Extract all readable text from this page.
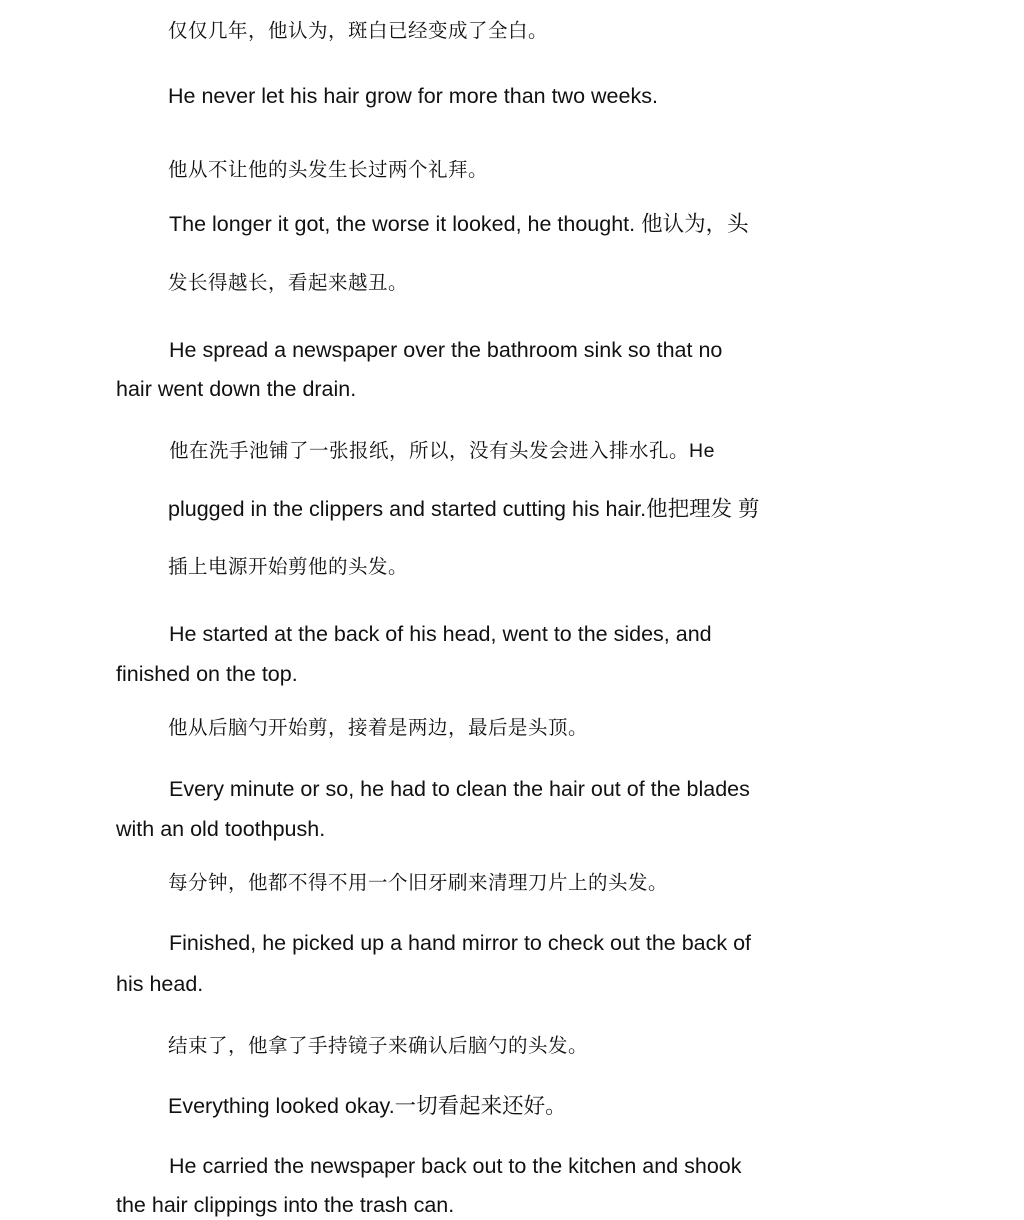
仅仅几年，他认为，斑白已经变成了全白。
He never let his hair grow for more than two weeks.
他从不让他的头发生长过两个礼拜。
The longer it got, the worse it looked, he thought. 他认为，头
发长得越长，看起来越丑。
He spread a newspaper over the bathroom sink so that no
hair went down the drain.
他在洗手池铺了一张报纸，所以，没有头发会进入排水孔。He
plugged in the clippers and started cutting his hair.他把理发 剪
插上电源开始剪他的头发。
He started at the back of his head, went to the sides, and
finished on the top.
他从后脑勺开始剪，接着是两边，最后是头顶。
Every minute or so, he had to clean the hair out of the blades
with an old toothpush.
每分钟，他都不得不用一个旧牙刷来清理刀片上的头发。
Finished, he picked up a hand mirror to check out the back of
his head.
结束了，他拿了手持镜子来确认后脑勺的头发。
Everything looked okay.一切看起来还好。
He carried the newspaper back out to the kitchen and shook
the hair clippings into the trash can.
